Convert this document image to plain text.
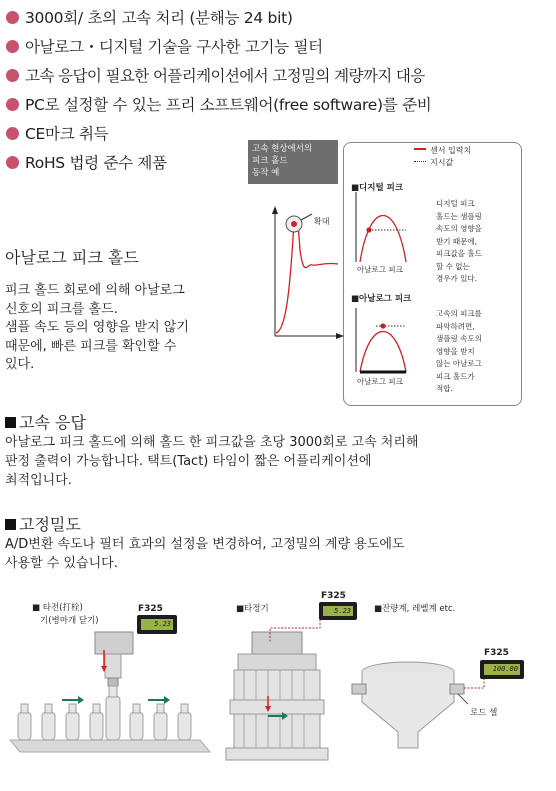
3000회/ 초의 고속 처리 (분해능 24 bit)
아날로그・디지털 기술을 구사한 고기능 필터
고속 응답이 필요한 어플리케이션에서 고정밀의 계량까지 대응
PC로 설정할 수 있는 프리 소프트웨어(free software)를 준비
CE마크 취득
RoHS 법령 준수 제품
아날로그 피크 홀드
피크 홀드 회로에 의해 아날로그
신호의 피크를 홀드.
샘플 속도 등의 영향을 받지 않기
때문에, 빠른 피크를 확인할 수
있다.
고속 현상에서의
피크 홀드
동작 예
센서 입력치
지시값
확대
■디지털 피크
아날로그 피크
디지털 피크
홀드는 샘플링
속도의 영향을
받기 때문에,
피크값을 홀드
할 수 없는
경우가 있다.
■아날로그 피크
아날로그 피크
고속의 피크를
파악하려면,
샘플링 속도의
영향을 받지
않는 아날로그
피크 홀드가
적합.
고속 응답
아날로그 피크 홀드에 의해 홀드 한 피크값을 초당 3000회로 고속 처리해
판정 출력이 가능합니다. 택트(Tact) 타임이 짧은 어플리케이션에
최적입니다.
고정밀도
A/D변환 속도나 필터 효과의 설정을 변경하여, 고정밀의 계량 용도에도
사용할 수 있습니다.
■ 타전(打栓)
기(병마개 닫기)
F325
5.23
■타정기
F325
5.23	■잔량계, 레벨계 etc.
F325
100.00
로드 셀
